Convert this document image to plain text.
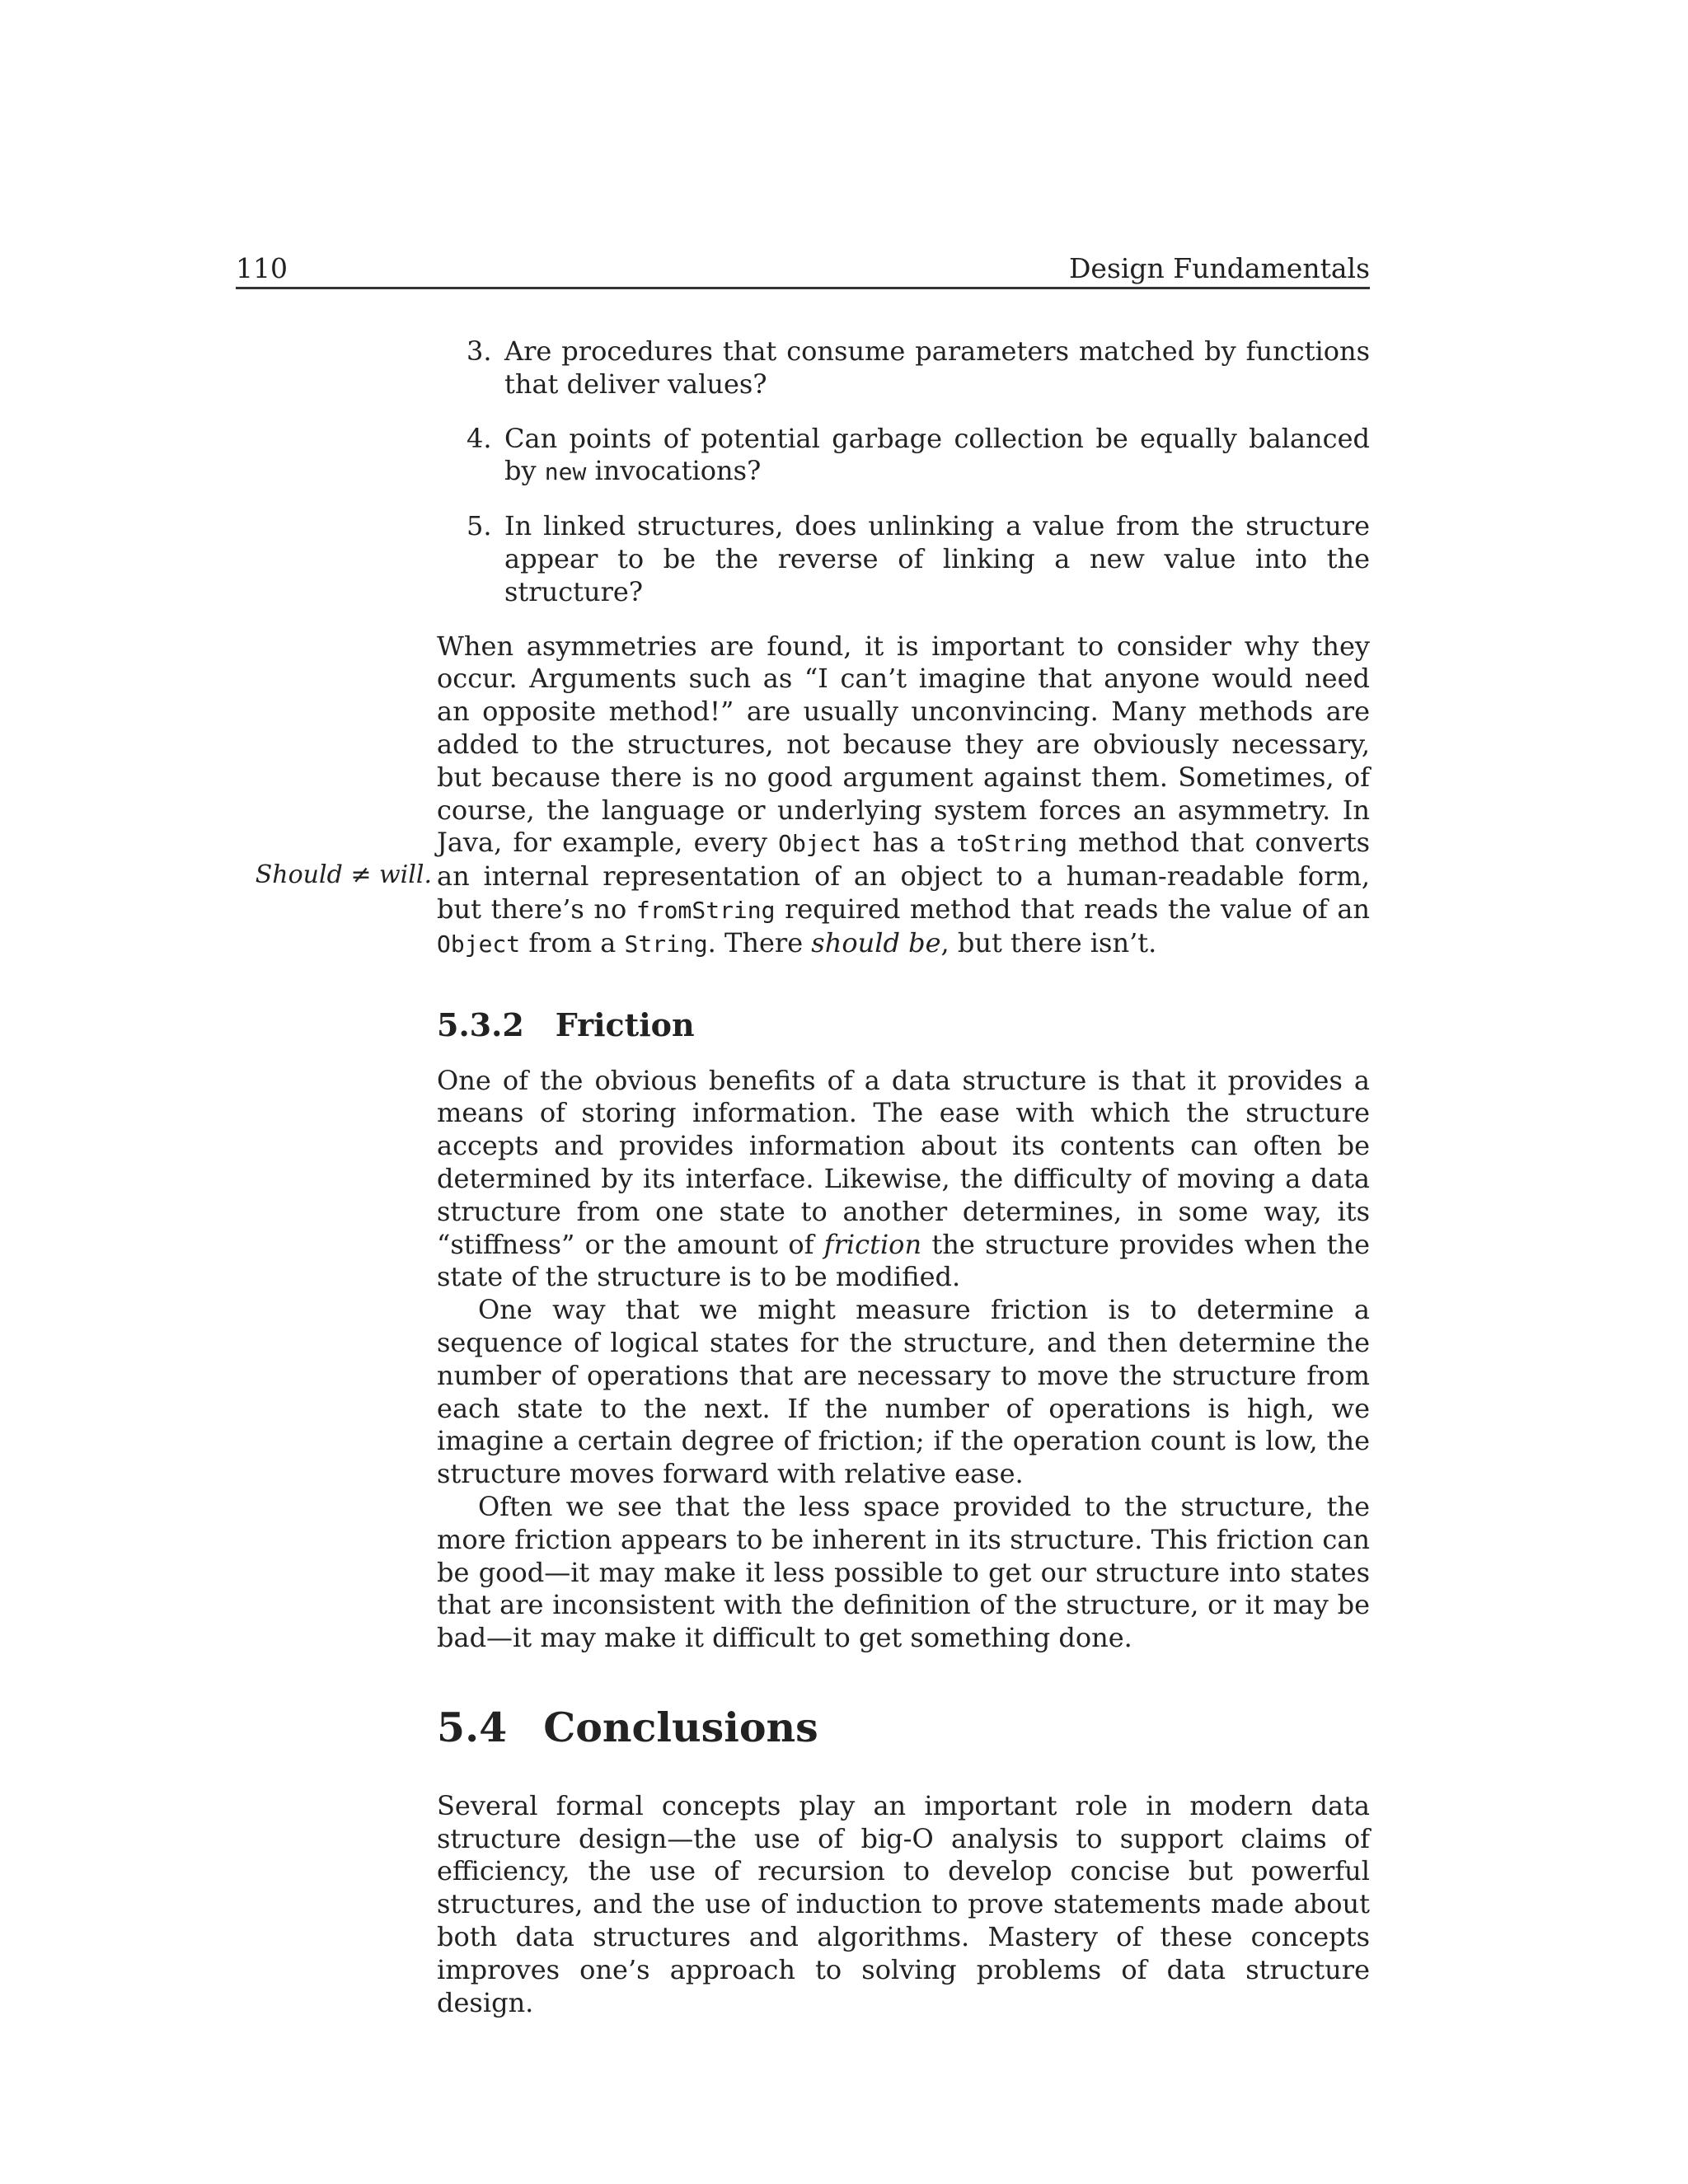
110	Design Fundamentals
Should ≠ will.
3. Are procedures that consume parameters matched by functions that deliver values?
4. Can points of potential garbage collection be equally balanced by new invocations?
5. In linked structures, does unlinking a value from the structure appear to be the reverse of linking a new value into the structure?

When asymmetries are found, it is important to consider why they occur. Arguments such as “I can’t imagine that anyone would need an opposite method!” are usually unconvincing. Many methods are added to the structures, not because they are obviously necessary, but because there is no good argument against them. Sometimes, of course, the language or underlying system forces an asymmetry. In Java, for example, every Object has a toString method that converts an internal representation of an object to a human-readable form, but there’s no fromString required method that reads the value of an Object from a String. There should be, but there isn’t.

5.3.2 Friction

One of the obvious benefits of a data structure is that it provides a means of storing information. The ease with which the structure accepts and provides information about its contents can often be determined by its interface. Likewise, the difficulty of moving a data structure from one state to another determines, in some way, its “stiffness” or the amount of friction the structure provides when the state of the structure is to be modified.

One way that we might measure friction is to determine a sequence of logical states for the structure, and then determine the number of operations that are necessary to move the structure from each state to the next. If the number of operations is high, we imagine a certain degree of friction; if the operation count is low, the structure moves forward with relative ease.

Often we see that the less space provided to the structure, the more friction appears to be inherent in its structure. This friction can be good—it may make it less possible to get our structure into states that are inconsistent with the definition of the structure, or it may be bad—it may make it difficult to get something done.

5.4 Conclusions

Several formal concepts play an important role in modern data structure design—the use of big-O analysis to support claims of efficiency, the use of recursion to develop concise but powerful structures, and the use of induction to prove statements made about both data structures and algorithms. Mastery of these concepts improves one’s approach to solving problems of data structure design.
